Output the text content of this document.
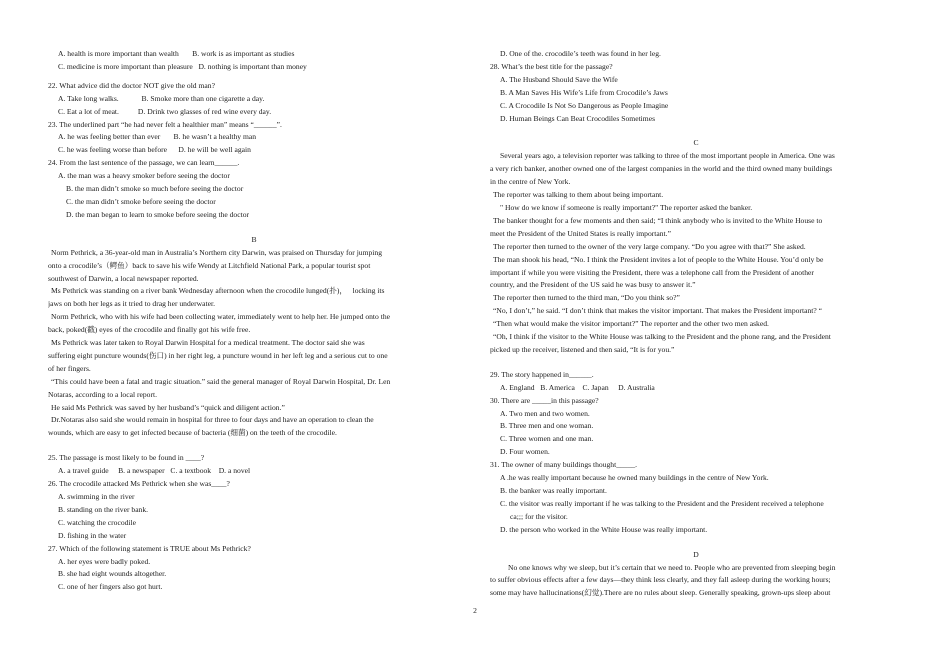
A. health is more important than wealth       B. work is as important as studies
C. medicine is more important than pleasure   D. nothing is important than money
22. What advice did the doctor NOT give the old man?
A. Take long walks.            B. Smoke more than one cigarette a day.
C. Eat a lot of meat.          D. Drink two glasses of red wine every day.
23. The underlined part “he had never felt a healthier man” means “______”.
A. he was feeling better than ever       B. he wasn’t a healthy man
C. he was feeling worse than before      D. he will be well again
24. From the last sentence of the passage, we can learn______.
A. the man was a heavy smoker before seeing the doctor
B. the man didn’t smoke so much before seeing the doctor
C. the man didn’t smoke before seeing the doctor
D. the man began to learn to smoke before seeing the doctor
B
Norm Pethrick, a 36-year-old man in Australia’s Northern city Darwin, was praised on Thursday for jumping
onto a crocodile’s（鳄鱼）back to save his wife Wendy at Litchfield National Park, a popular tourist spot
southwest of Darwin, a local newspaper reported.
Ms Pethrick was standing on a river bank Wednesday afternoon when the crocodile lunged(扑)，   locking its
jaws on both her legs as it tried to drag her underwater.
Norm Pethrick, who with his wife had been collecting water, immediately went to help her. He jumped onto the
back, poked(戳) eyes of the crocodile and finally got his wife free.
Ms Pethrick was later taken to Royal Darwin Hospital for a medical treatment. The doctor said she was
suffering eight puncture wounds(伤口) in her right leg, a puncture wound in her left leg and a serious cut to one
of her fingers.
“This could have been a fatal and tragic situation.” said the general manager of Royal Darwin Hospital, Dr. Len
Notaras, according to a local report.
He said Ms Pethrick was saved by her husband’s “quick and diligent action.”
Dr.Notaras also said she would remain in hospital for three to four days and have an operation to clean the
wounds, which are easy to get infected because of bacteria (细菌) on the teeth of the crocodile.
25. The passage is most likely to be found in ____?
A. a travel guide     B. a newspaper   C. a textbook    D. a novel
26. The crocodile attacked Ms Pethrick when she was____?
A. swimming in the river
B. standing on the river bank.
C. watching the crocodile
D. fishing in the water
27. Which of the following statement is TRUE about Ms Pethrick?
A. her eyes were badly poked.
B. she had eight wounds altogether.
C. one of her fingers also got hurt.
D. One of the. crocodile’s teeth was found in her leg.
28. What’s the best title for the passage?
A. The Husband Should Save the Wife
B. A Man Saves His Wife’s Life from Crocodile’s Jaws
C. A Crocodile Is Not So Dangerous as People Imagine
D. Human Beings Can Beat Crocodiles Sometimes
C
Several years ago, a television reporter was talking to three of the most important people in America. One was
a very rich banker, another owned one of the largest companies in the world and the third owned many buildings
in the centre of New York.
The reporter was talking to them about being important.
" How do we know if someone is really important?" The reporter asked the banker.
The banker thought for a few moments and then said; “I think anybody who is invited to the White House to
meet the President of the United States is really important.”
The reporter then turned to the owner of the very large company. “Do you agree with that?” She asked.
The man shook his head, “No. I think the President invites a lot of people to the White House. You’d only be
important if while you were visiting the President, there was a telephone call from the President of another
country, and the President of the US said he was busy to answer it.”
The reporter then turned to the third man, “Do you think so?”
“No, I don’t,” he said. “I don’t think that makes the visitor important. That makes the President important? “
“Then what would make the visitor important?” The reporter and the other two men asked.
“Oh, I think if the visitor to the White House was talking to the President and the phone rang, and the President
picked up the receiver, listened and then said, “It is for you.”
29. The story happened in______.
A. England   B. America    C. Japan     D. Australia
30. There are _____in this passage?
A. Two men and two women.
B. Three men and one woman.
C. Three women and one man.
D. Four women.
31. The owner of many buildings thought_____.
A .he was really important because he owned many buildings in the centre of New York.
B. the banker was really important.
C. the visitor was really important if he was talking to the President and the President received a telephone
ca;;; for the visitor.
D. the person who worked in the White House was really important.
D
No one knows why we sleep, but it’s certain that we need to. People who are prevented from sleeping begin
to suffer obvious effects after a few days—they think less clearly, and they fall asleep during the working hours;
some may have hallucinations(幻觉).There are no rules about sleep. Generally speaking, grown-ups sleep about
2
